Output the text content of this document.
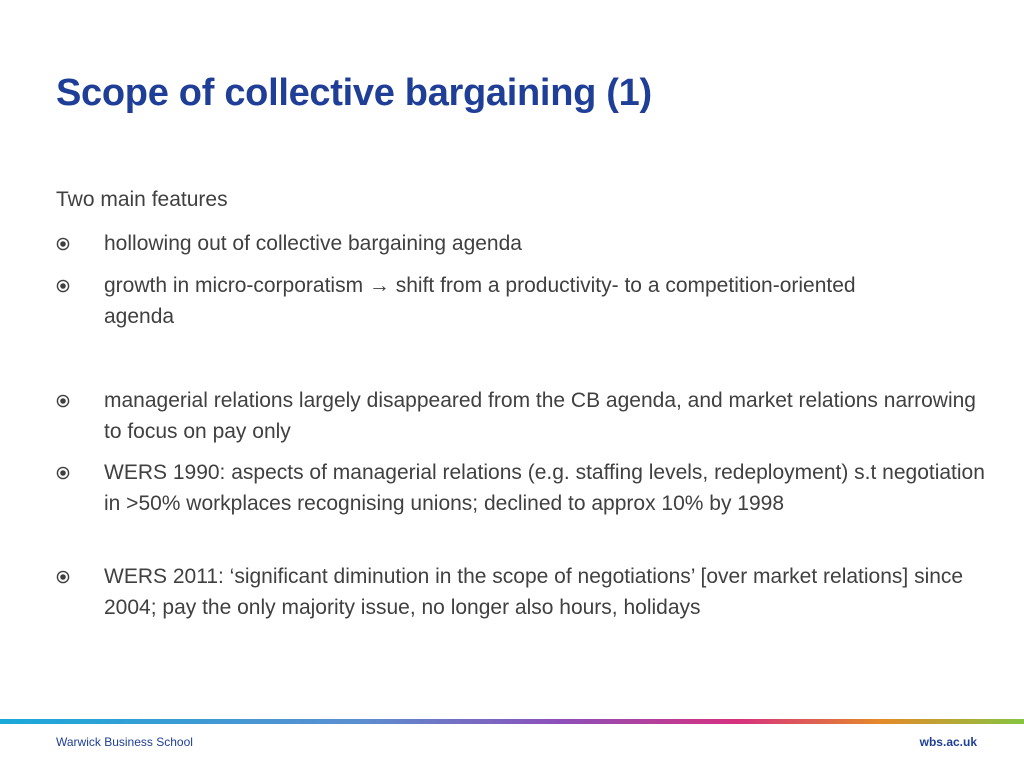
Scope of collective bargaining (1)
Two main features
hollowing out of collective bargaining agenda
growth in micro-corporatism → shift from a productivity- to a competition-oriented agenda
managerial relations largely disappeared from the CB agenda, and market relations narrowing to focus on pay only
WERS 1990: aspects of managerial relations (e.g. staffing levels, redeployment) s.t negotiation in >50% workplaces recognising unions; declined to approx 10% by 1998
WERS 2011: ‘significant diminution in the scope of negotiations’ [over market relations] since 2004; pay the only majority issue, no longer also hours, holidays
Warwick Business School	wbs.ac.uk
